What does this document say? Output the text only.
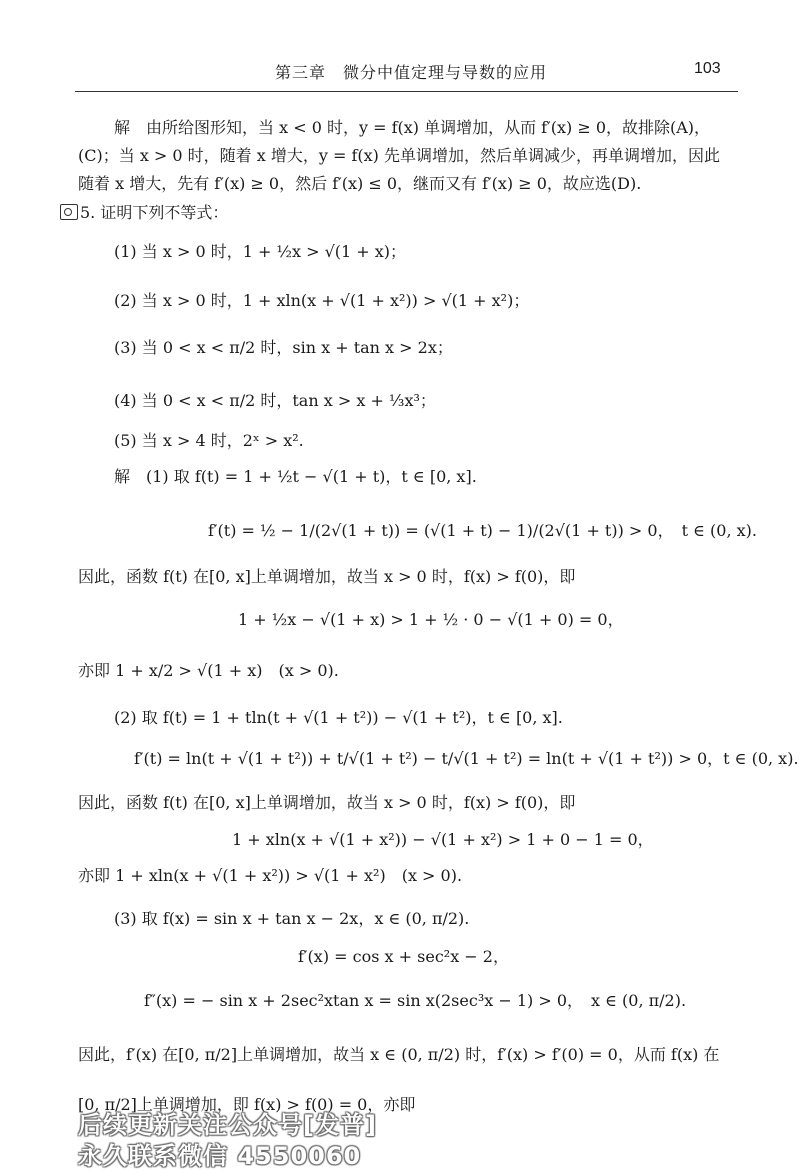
第三章　微分中值定理与导数的应用	103
解　由所给图形知，当 x < 0 时，y = f(x) 单调增加，从而 f′(x) ≥ 0，故排除(A)，
(C)；当 x > 0 时，随着 x 增大，y = f(x) 先单调增加，然后单调减少，再单调增加，因此
随着 x 增大，先有 f′(x) ≥ 0，然后 f′(x) ≤ 0，继而又有 f′(x) ≥ 0，故应选(D).
5. 证明下列不等式：
(1) 当 x > 0 时，1 + ½x > √(1 + x)；
(2) 当 x > 0 时，1 + xln(x + √(1 + x²)) > √(1 + x²)；
(3) 当 0 < x < π/2 时，sin x + tan x > 2x；
(4) 当 0 < x < π/2 时，tan x > x + ⅓x³；
(5) 当 x > 4 时，2ˣ > x².
解　(1) 取 f(t) = 1 + ½t − √(1 + t)，t ∈ [0, x].
f′(t) = ½ − 1/(2√(1 + t)) = (√(1 + t) − 1)/(2√(1 + t)) > 0，　t ∈ (0, x).
因此，函数 f(t) 在[0, x]上单调增加，故当 x > 0 时，f(x) > f(0)，即
1 + ½x − √(1 + x) > 1 + ½ · 0 − √(1 + 0) = 0，
亦即 1 + x/2 > √(1 + x)　(x > 0).
(2) 取 f(t) = 1 + tln(t + √(1 + t²)) − √(1 + t²)，t ∈ [0, x].
f′(t) = ln(t + √(1 + t²)) + t/√(1 + t²) − t/√(1 + t²) = ln(t + √(1 + t²)) > 0，t ∈ (0, x).
因此，函数 f(t) 在[0, x]上单调增加，故当 x > 0 时，f(x) > f(0)，即
1 + xln(x + √(1 + x²)) − √(1 + x²) > 1 + 0 − 1 = 0，
亦即 1 + xln(x + √(1 + x²)) > √(1 + x²)　(x > 0).
(3) 取 f(x) = sin x + tan x − 2x，x ∈ (0, π/2).
f′(x) = cos x + sec²x − 2，
f″(x) = − sin x + 2sec²xtan x = sin x(2sec³x − 1) > 0，　x ∈ (0, π/2).
因此，f′(x) 在[0, π/2]上单调增加，故当 x ∈ (0, π/2) 时，f′(x) > f′(0) = 0，从而 f(x) 在
[0, π/2]上单调增加，即 f(x) > f(0) = 0，亦即
后续更新关注公众号[发普]
永久联系微信 4550060
